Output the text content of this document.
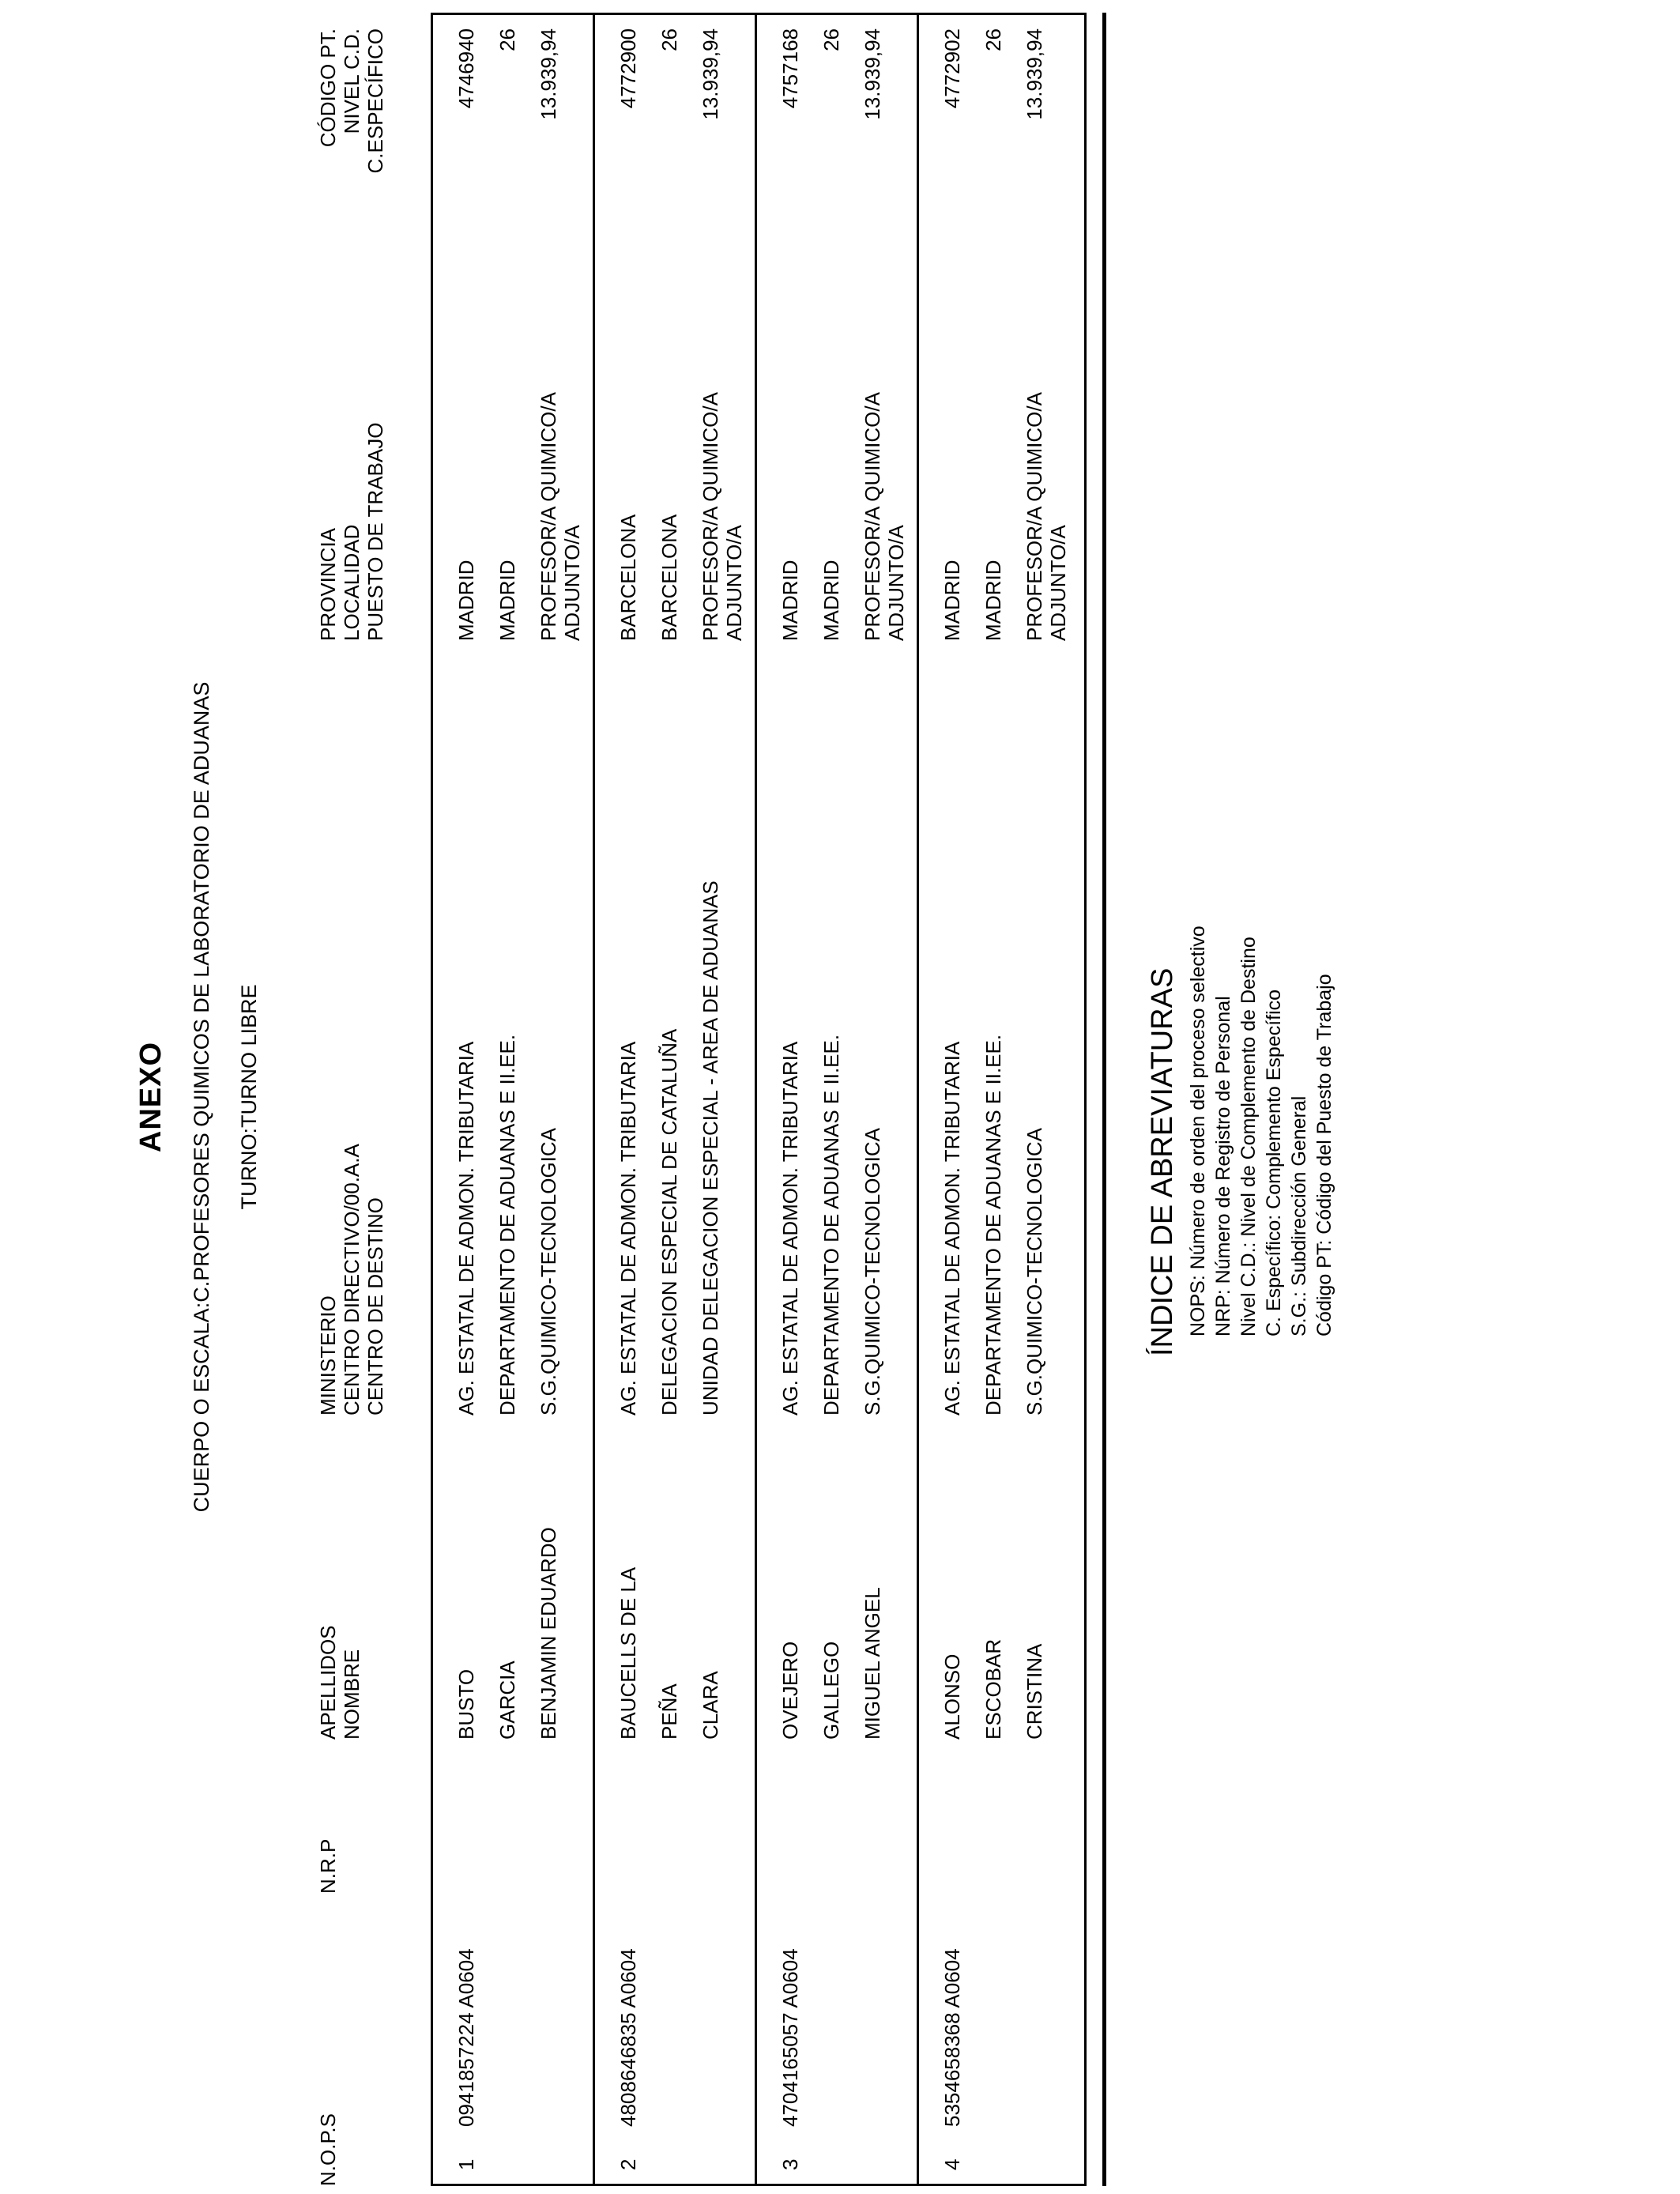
ANEXO CUERPO O ESCALA:C.PROFESORES QUIMICOS DE LABORATORIO DE ADUANAS TURNO:TURNO LIBRE
N.O.P.S
N.R.P
APELLIDOS
NOMBRE
MINISTERIO
CENTRO DIRECTIVO/00.A.A
CENTRO DE DESTINO
PROVINCIA
LOCALIDAD
PUESTO DE TRABAJO
CÓDIGO PT.
NIVEL C.D.
C.ESPECÍFICO
1
0941857224 A0604
BUSTO GARCIA BENJAMIN EDUARDO
AG. ESTATAL DE ADMON. TRIBUTARIA DEPARTAMENTO DE ADUANAS E II.EE. S.G.QUIMICO-TECNOLOGICA
MADRID MADRID PROFESOR/A QUIMICO/A
ADJUNTO/A
4746940 26 13.939,94
2
4808646835 A0604
BAUCELLS DE LA PEÑA CLARA
AG. ESTATAL DE ADMON. TRIBUTARIA DELEGACION ESPECIAL DE CATALUÑA UNIDAD DELEGACION ESPECIAL - AREA DE ADUANAS
BARCELONA BARCELONA PROFESOR/A QUIMICO/A
ADJUNTO/A
4772900 26 13.939,94
3
4704165057 A0604
OVEJERO GALLEGO MIGUEL ANGEL
AG. ESTATAL DE ADMON. TRIBUTARIA DEPARTAMENTO DE ADUANAS E II.EE. S.G.QUIMICO-TECNOLOGICA
MADRID MADRID PROFESOR/A QUIMICO/A
ADJUNTO/A
4757168 26 13.939,94
4
5354658368 A0604
ALONSO ESCOBAR CRISTINA
AG. ESTATAL DE ADMON. TRIBUTARIA DEPARTAMENTO DE ADUANAS E II.EE. S.G.QUIMICO-TECNOLOGICA
MADRID MADRID PROFESOR/A QUIMICO/A
ADJUNTO/A
4772902 26 13.939,94
ÍNDICE DE ABREVIATURAS NOPS: Número de orden del proceso selectivo NRP: Número de Registro de Personal Nivel C.D.: Nivel de Complemento de Destino C. Específico: Complemento Específico S.G.: Subdirección General Código PT: Código del Puesto de Trabajo
